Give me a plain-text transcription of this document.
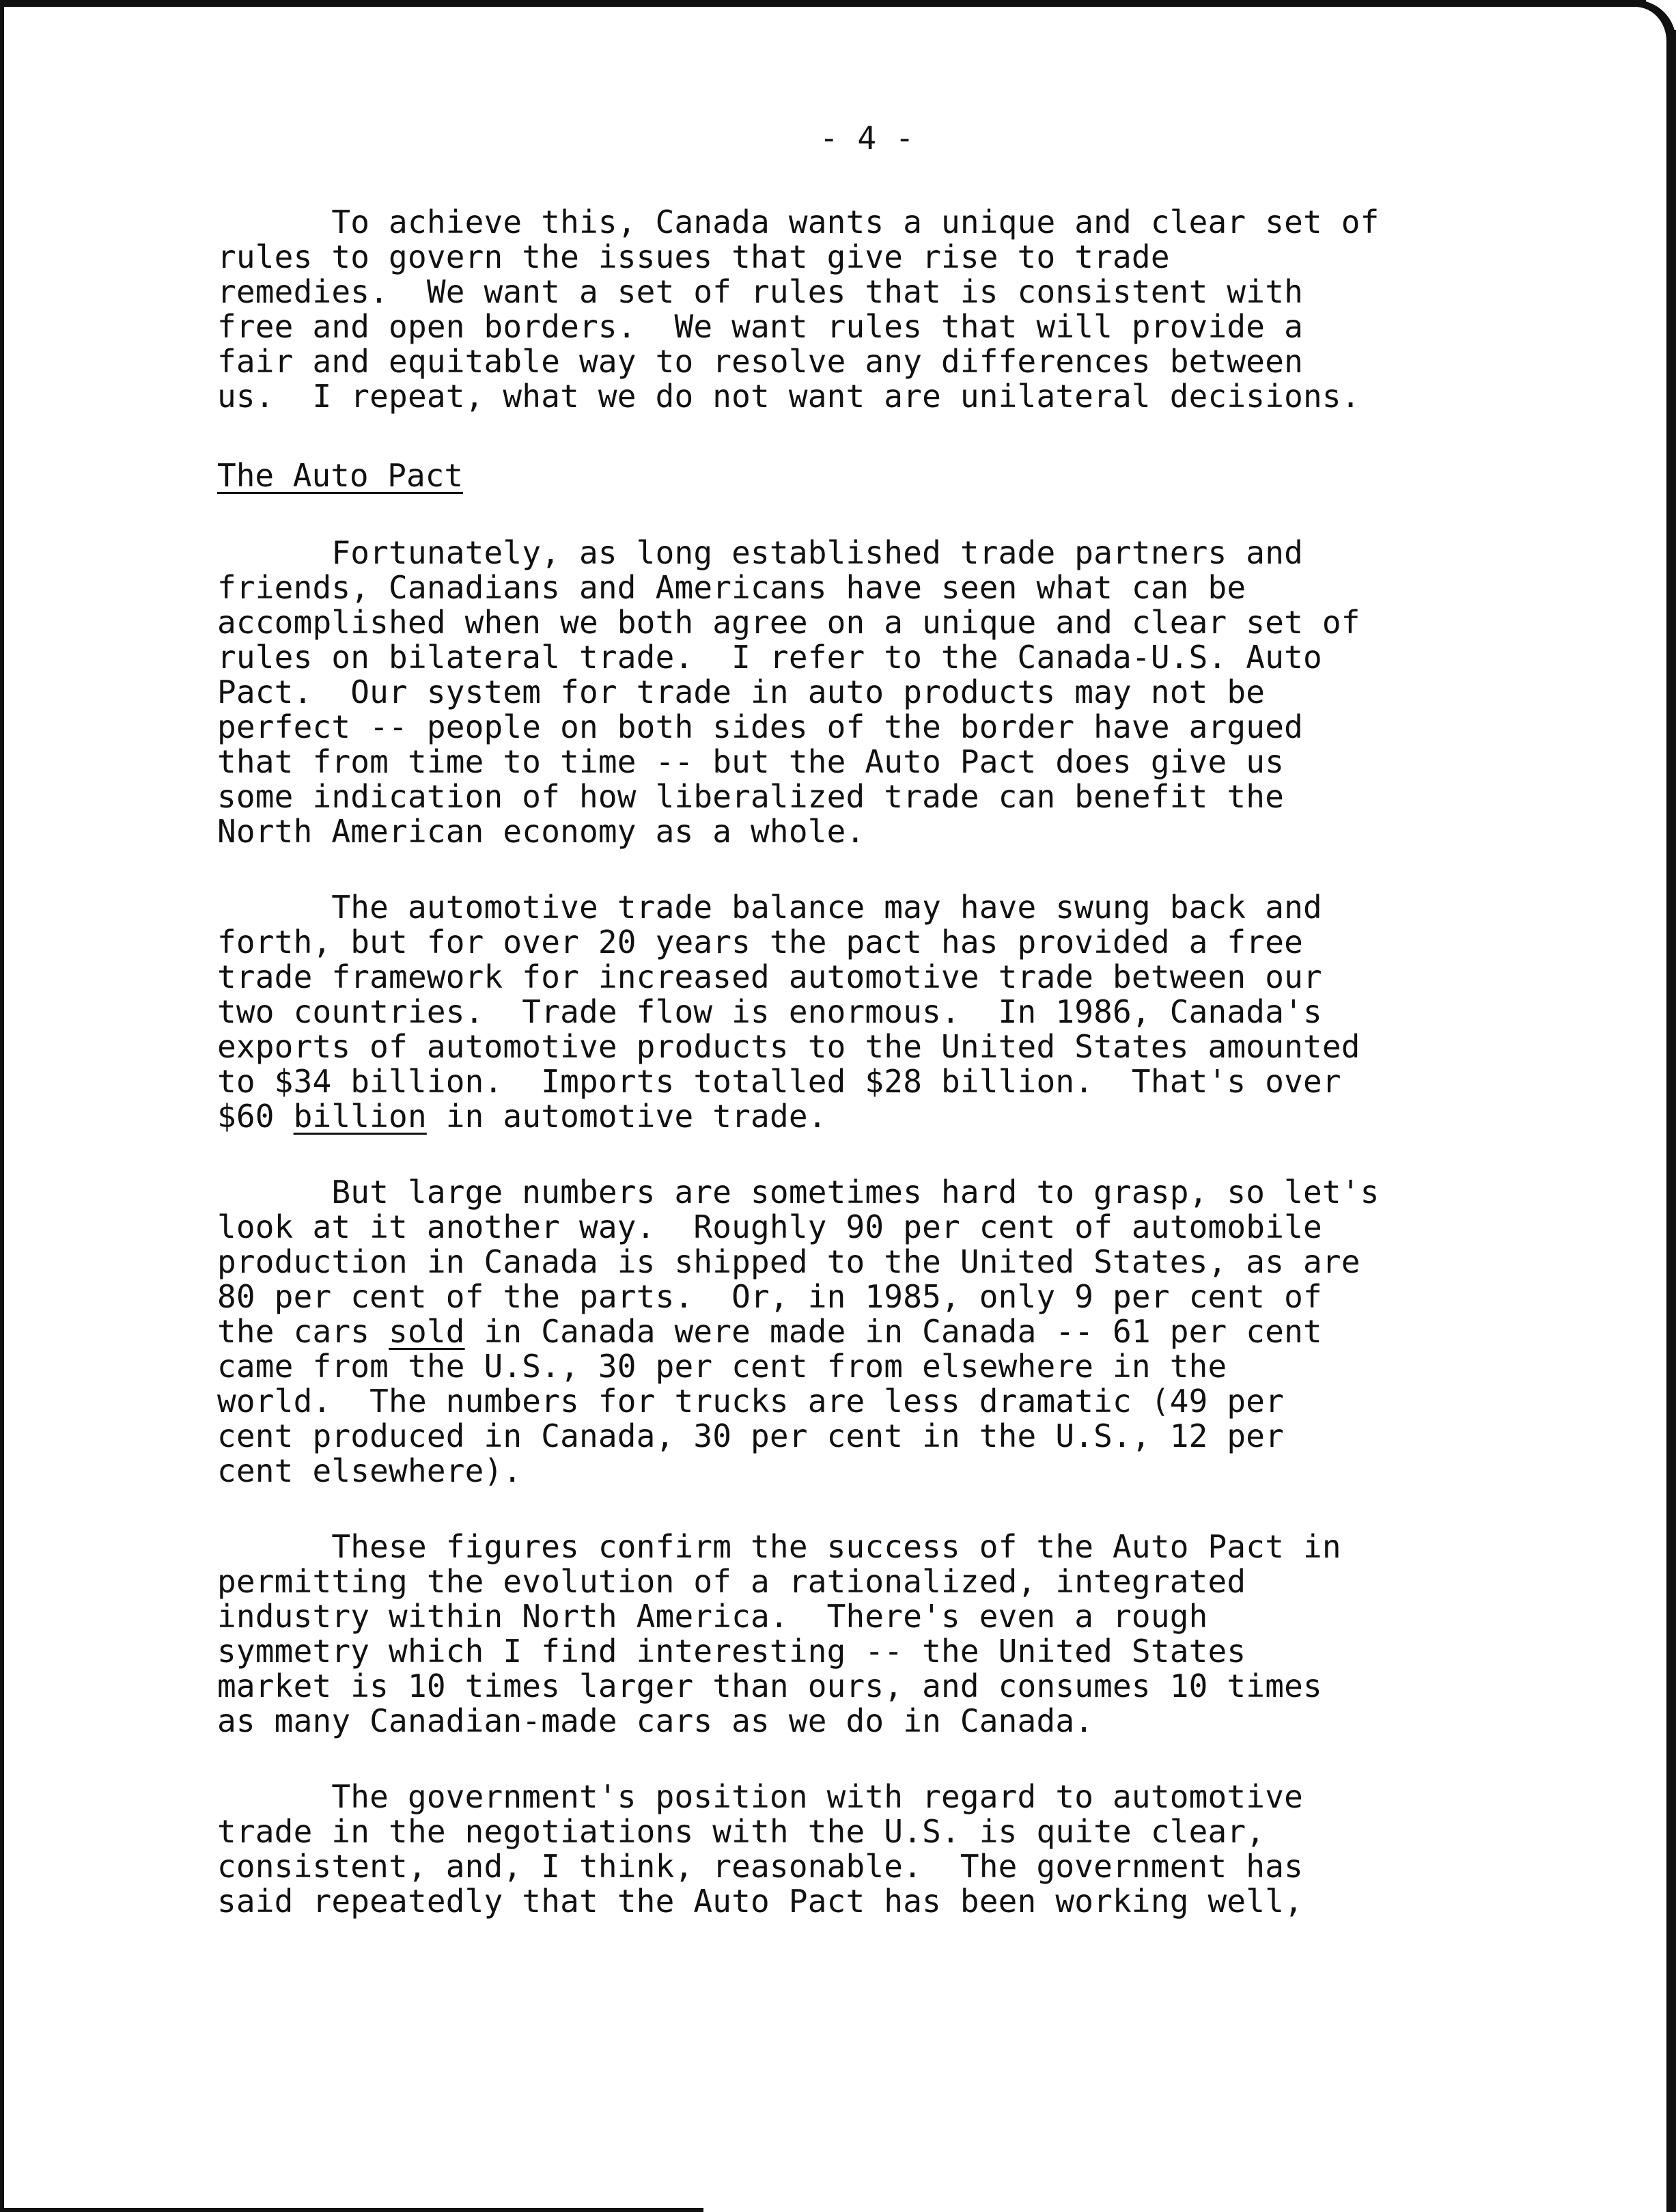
- 4 -

To achieve this, Canada wants a unique and clear set of
rules to govern the issues that give rise to trade
remedies.  We want a set of rules that is consistent with
free and open borders.  We want rules that will provide a
fair and equitable way to resolve any differences between
us.  I repeat, what we do not want are unilateral decisions.

The Auto Pact

Fortunately, as long established trade partners and
friends, Canadians and Americans have seen what can be
accomplished when we both agree on a unique and clear set of
rules on bilateral trade.  I refer to the Canada-U.S. Auto
Pact.  Our system for trade in auto products may not be
perfect -- people on both sides of the border have argued
that from time to time -- but the Auto Pact does give us
some indication of how liberalized trade can benefit the
North American economy as a whole.

The automotive trade balance may have swung back and
forth, but for over 20 years the pact has provided a free
trade framework for increased automotive trade between our
two countries.  Trade flow is enormous.  In 1986, Canada's
exports of automotive products to the United States amounted
to $34 billion.  Imports totalled $28 billion.  That's over
$60 billion in automotive trade.

But large numbers are sometimes hard to grasp, so let's
look at it another way.  Roughly 90 per cent of automobile
production in Canada is shipped to the United States, as are
80 per cent of the parts.  Or, in 1985, only 9 per cent of
the cars sold in Canada were made in Canada -- 61 per cent
came from the U.S., 30 per cent from elsewhere in the
world.  The numbers for trucks are less dramatic (49 per
cent produced in Canada, 30 per cent in the U.S., 12 per
cent elsewhere).

These figures confirm the success of the Auto Pact in
permitting the evolution of a rationalized, integrated
industry within North America.  There's even a rough
symmetry which I find interesting -- the United States
market is 10 times larger than ours, and consumes 10 times
as many Canadian-made cars as we do in Canada.

The government's position with regard to automotive
trade in the negotiations with the U.S. is quite clear,
consistent, and, I think, reasonable.  The government has
said repeatedly that the Auto Pact has been working well,
